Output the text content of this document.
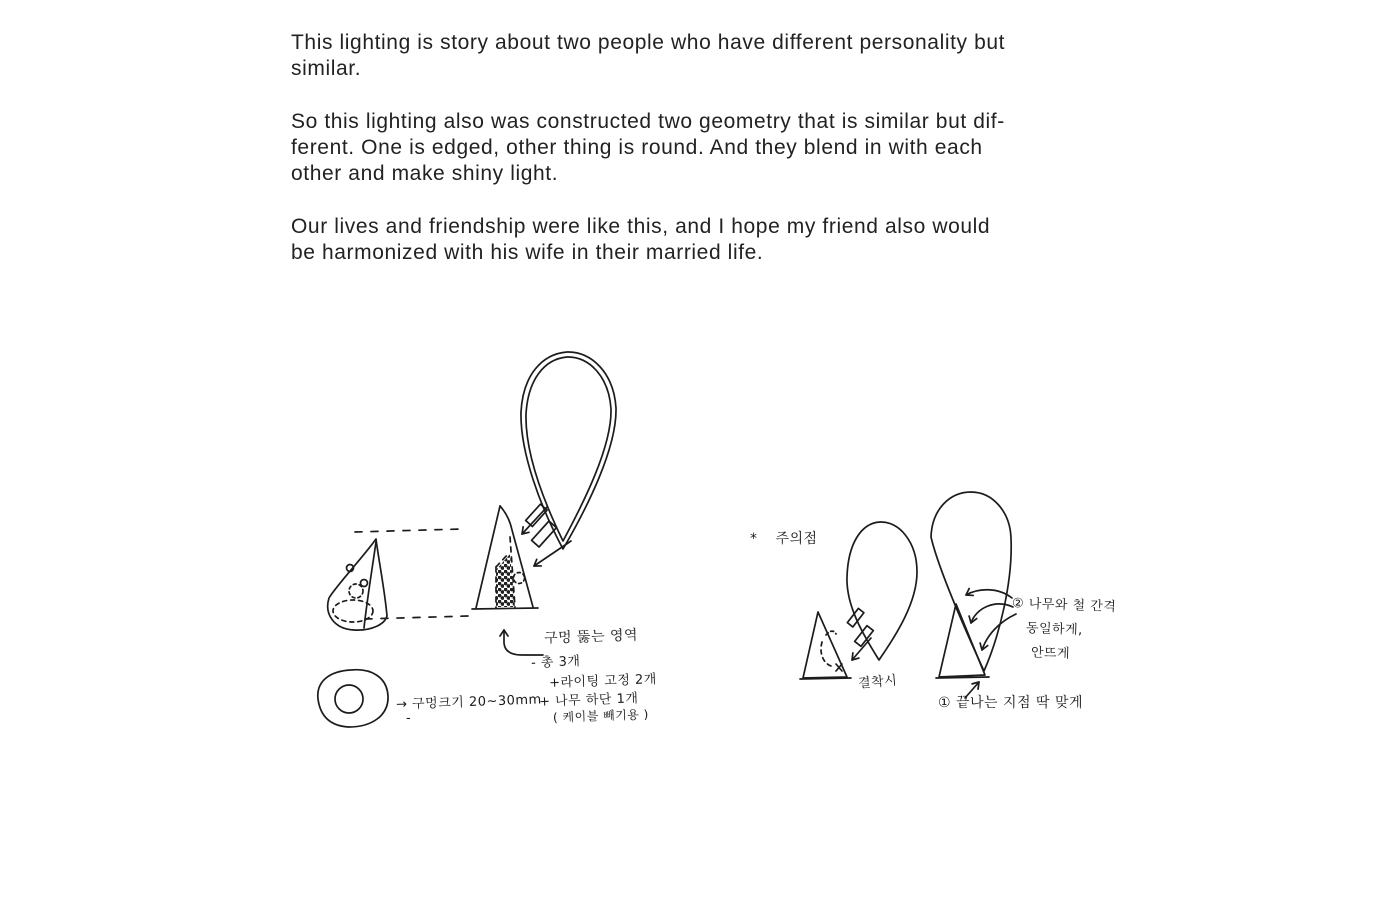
This lighting is story about two people who have different personality but
similar.
So this lighting also was constructed two geometry that is similar but dif-
ferent. One is edged, other thing is round. And they blend in with each
other and make shiny light.
Our lives and friendship were like this, and I hope my friend also would
be harmonized with his wife in their married life.
구멍 뚫는 영역
- 총 3개
+라이팅 고정 2개
+ 나무 하단 1개
( 케이블 빼기용 )
→ 구멍크기 20~30mm
-
* 주의점
결착시
② 나무와 철 간격
동일하게,
안뜨게
① 끝나는 지점 딱 맞게
